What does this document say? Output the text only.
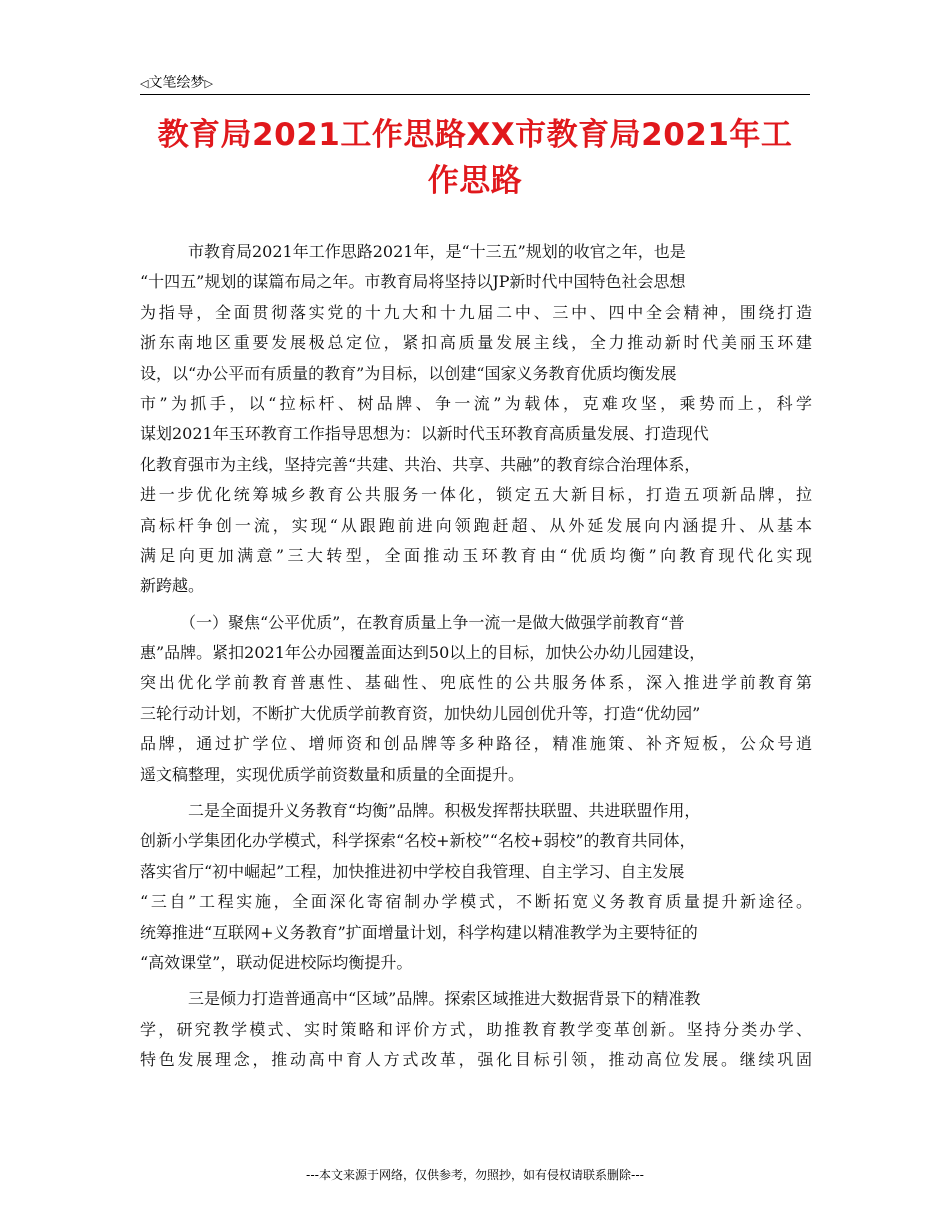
◁文笔绘梦▷
教育局2021工作思路XX市教育局2021年工
作思路
市教育局2021年工作思路2021年，是“十三五”规划的收官之年，也是
“十四五”规划的谋篇布局之年。市教育局将坚持以JP新时代中国特色社会思想
为指导，全面贯彻落实党的十九大和十九届二中、三中、四中全会精神，围绕打造
浙东南地区重要发展极总定位，紧扣高质量发展主线，全力推动新时代美丽玉环建
设，以“办公平而有质量的教育”为目标，以创建“国家义务教育优质均衡发展
市”为抓手，以“拉标杆、树品牌、争一流”为载体，克难攻坚，乘势而上，科学
谋划2021年玉环教育工作指导思想为：以新时代玉环教育高质量发展、打造现代
化教育强市为主线，坚持完善“共建、共治、共享、共融”的教育综合治理体系，
进一步优化统筹城乡教育公共服务一体化，锁定五大新目标，打造五项新品牌，拉
高标杆争创一流，实现“从跟跑前进向领跑赶超、从外延发展向内涵提升、从基本
满足向更加满意”三大转型，全面推动玉环教育由“优质均衡”向教育现代化实现
新跨越。
（一）聚焦“公平优质”，在教育质量上争一流一是做大做强学前教育“普
惠”品牌。紧扣2021年公办园覆盖面达到50以上的目标，加快公办幼儿园建设，
突出优化学前教育普惠性、基础性、兜底性的公共服务体系，深入推进学前教育第
三轮行动计划，不断扩大优质学前教育资，加快幼儿园创优升等，打造“优幼园”
品牌，通过扩学位、增师资和创品牌等多种路径，精准施策、补齐短板，公众号逍
遥文稿整理，实现优质学前资数量和质量的全面提升。
二是全面提升义务教育“均衡”品牌。积极发挥帮扶联盟、共进联盟作用，
创新小学集团化办学模式，科学探索“名校+新校”“名校+弱校”的教育共同体，
落实省厅“初中崛起”工程，加快推进初中学校自我管理、自主学习、自主发展
“三自”工程实施，全面深化寄宿制办学模式，不断拓宽义务教育质量提升新途径。
统筹推进“互联网+义务教育”扩面增量计划，科学构建以精准教学为主要特征的
“高效课堂”，联动促进校际均衡提升。
三是倾力打造普通高中“区域”品牌。探索区域推进大数据背景下的精准教
学，研究教学模式、实时策略和评价方式，助推教育教学变革创新。坚持分类办学、
特色发展理念，推动高中育人方式改革，强化目标引领，推动高位发展。继续巩固
---本文来源于网络，仅供参考，勿照抄，如有侵权请联系删除---
